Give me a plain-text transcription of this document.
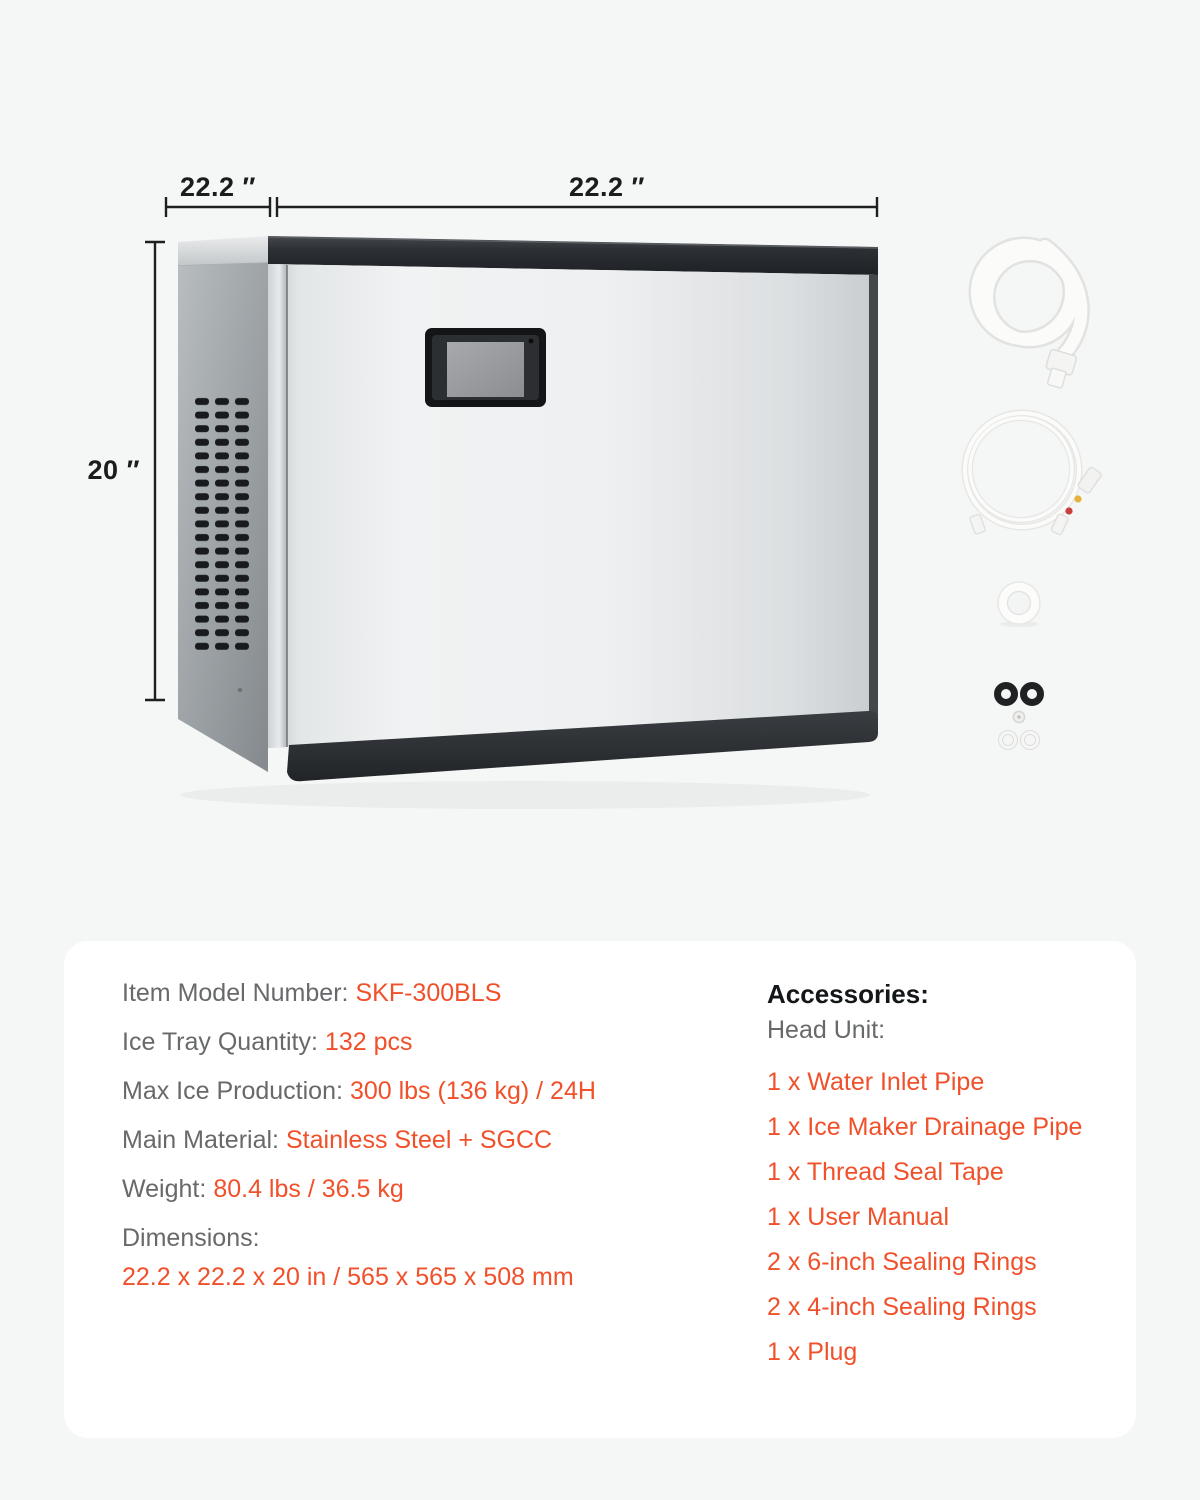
22.2 ″	22.2 ″
20 ″
Item Model Number: SKF-300BLS
Ice Tray Quantity: 132 pcs
Max Ice Production: 300 lbs (136 kg) / 24H
Main Material: Stainless Steel + SGCC
Weight: 80.4 lbs / 36.5 kg
Dimensions:
22.2 x 22.2 x 20 in / 565 x 565 x 508 mm
Accessories:
Head Unit:
1 x Water Inlet Pipe
1 x Ice Maker Drainage Pipe
1 x Thread Seal Tape
1 x User Manual
2 x 6-inch Sealing Rings
2 x 4-inch Sealing Rings
1 x Plug
